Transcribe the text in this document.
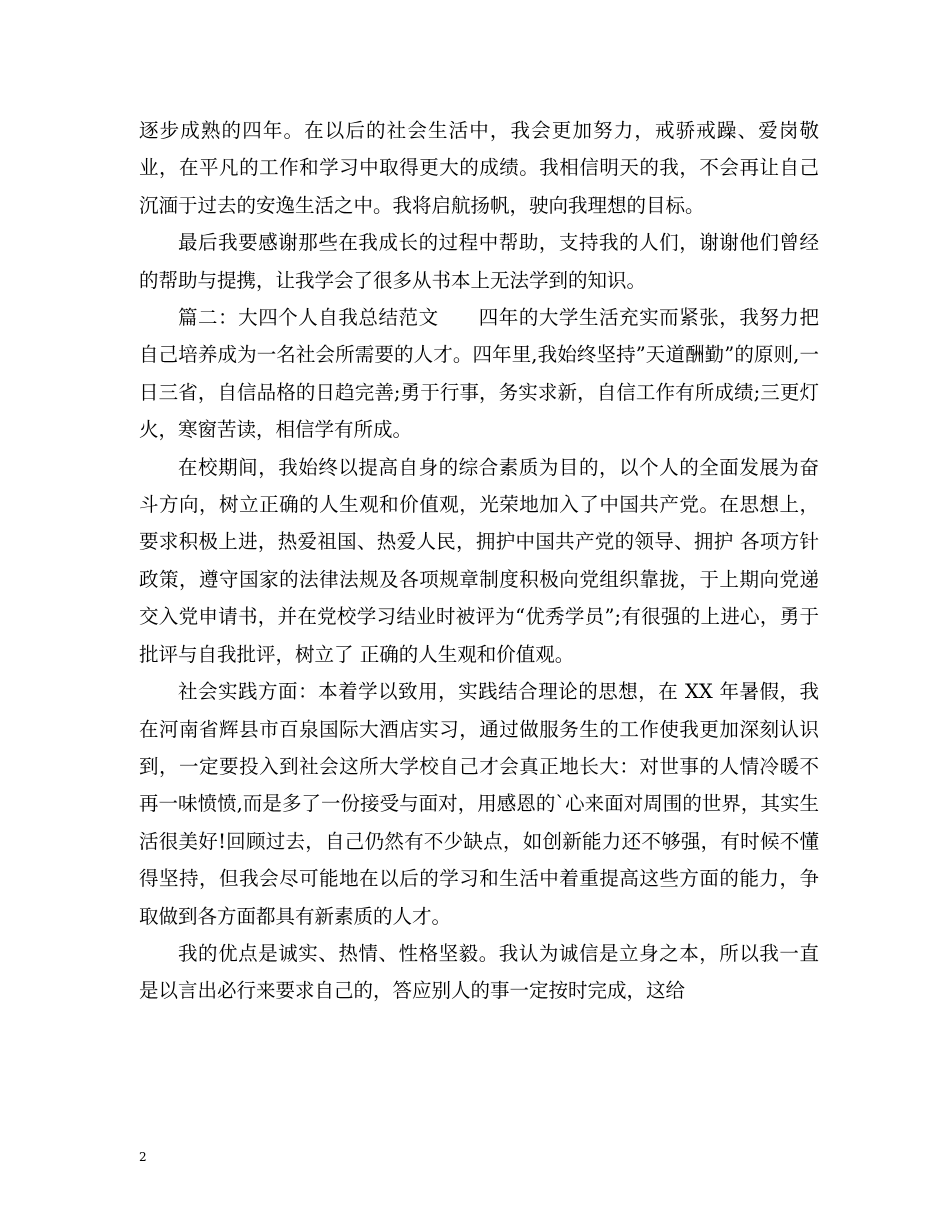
逐步成熟的四年。在以后的社会生活中，我会更加努力，戒骄戒躁、爱岗敬业，在平凡的工作和学习中取得更大的成绩。我相信明天的我，不会再让自己沉湎于过去的安逸生活之中。我将启航扬帆，驶向我理想的目标。

最后我要感谢那些在我成长的过程中帮助，支持我的人们，谢谢他们曾经的帮助与提携，让我学会了很多从书本上无法学到的知识。

篇二：大四个人自我总结范文　　四年的大学生活充实而紧张，我努力把自己培养成为一名社会所需要的人才。四年里,我始终坚持”天道酬勤”的原则,一日三省，自信品格的日趋完善;勇于行事，务实求新，自信工作有所成绩;三更灯火，寒窗苦读，相信学有所成。

在校期间，我始终以提高自身的综合素质为目的，以个人的全面发展为奋斗方向，树立正确的人生观和价值观，光荣地加入了中国共产党。在思想上，要求积极上进，热爱祖国、热爱人民，拥护中国共产党的领导、拥护 各项方针政策，遵守国家的法律法规及各项规章制度积极向党组织靠拢，于上期向党递交入党申请书，并在党校学习结业时被评为“优秀学员”;有很强的上进心，勇于批评与自我批评，树立了 正确的人生观和价值观。

社会实践方面：本着学以致用，实践结合理论的思想，在 XX 年暑假，我在河南省辉县市百泉国际大酒店实习，通过做服务生的工作使我更加深刻认识到，一定要投入到社会这所大学校自己才会真正地长大：对世事的人情冷暖不再一味愤愤,而是多了一份接受与面对，用感恩的`心来面对周围的世界，其实生活很美好!回顾过去，自己仍然有不少缺点，如创新能力还不够强，有时候不懂得坚持，但我会尽可能地在以后的学习和生活中着重提高这些方面的能力，争取做到各方面都具有新素质的人才。

我的优点是诚实、热情、性格坚毅。我认为诚信是立身之本，所以我一直是以言出必行来要求自己的，答应别人的事一定按时完成，这给

2
